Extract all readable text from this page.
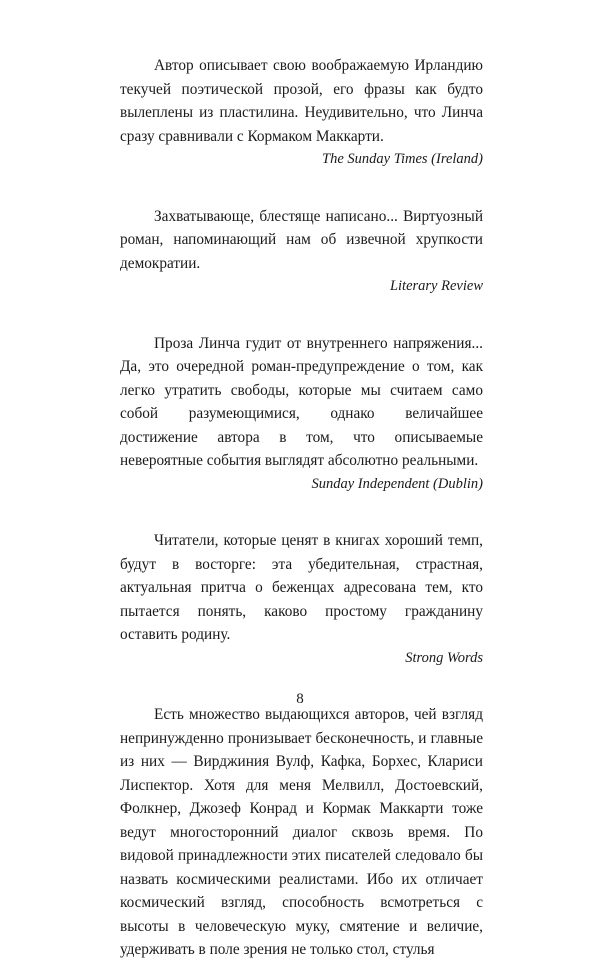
Автор описывает свою воображаемую Ирландию текучей поэтической прозой, его фразы как будто вылеплены из пластилина. Неудивительно, что Линча сразу сравнивали с Кормаком Маккарти.

The Sunday Times (Ireland)

Захватывающе, блестяще написано... Виртуозный роман, напоминающий нам об извечной хрупкости демократии.

Literary Review

Проза Линча гудит от внутреннего напряжения... Да, это очередной роман-предупреждение о том, как легко утратить свободы, которые мы считаем само собой разумеющимися, однако величайшее достижение автора в том, что описываемые невероятные события выглядят абсолютно реальными.

Sunday Independent (Dublin)

Читатели, которые ценят в книгах хороший темп, будут в восторге: эта убедительная, страстная, актуальная притча о беженцах адресована тем, кто пытается понять, каково простому гражданину оставить родину.

Strong Words

Есть множество выдающихся авторов, чей взгляд непринужденно пронизывает бесконечность, и главные из них — Вирджиния Вулф, Кафка, Борхес, Клариси Лиспектор. Хотя для меня Мелвилл, Достоевский, Фолкнер, Джозеф Конрад и Кормак Маккарти тоже ведут многосторонний диалог сквозь время. По видовой принадлежности этих писателей следовало бы назвать космическими реалистами. Ибо их отличает космический взгляд, способность всмотреться с высоты в человеческую муку, смятение и величие, удерживать в поле зрения не только стол, стулья

8
